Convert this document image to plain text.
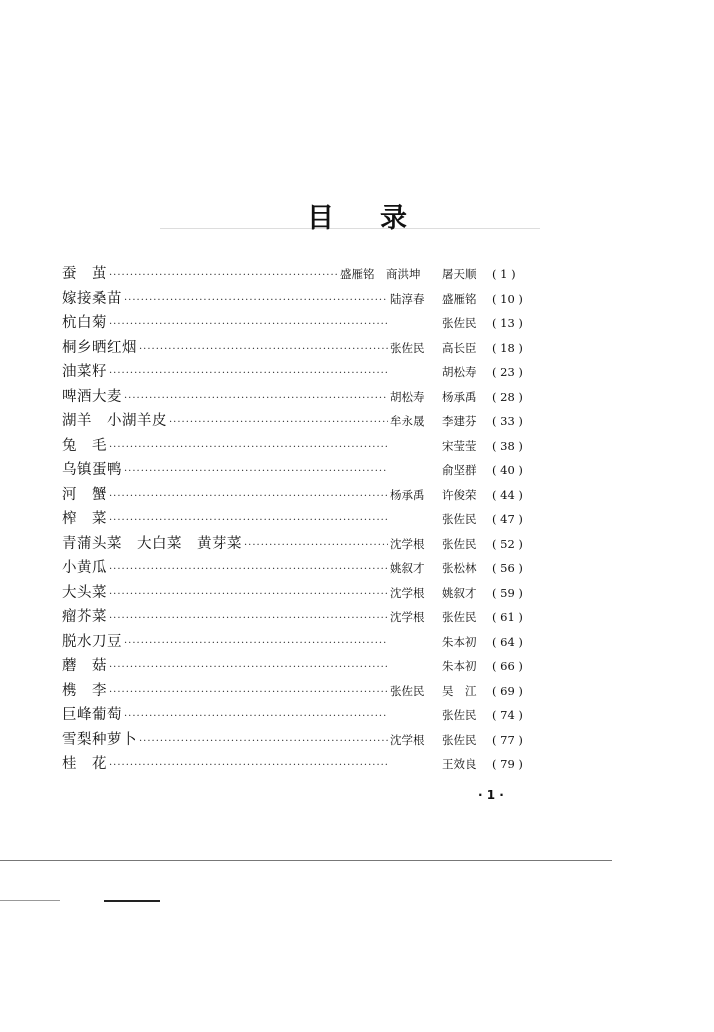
目 录
蚕　茧 ·····	盛雁铭　商洪坤	屠天顺	( 1 )
嫁接桑苗 ·····	陆淳春	盛雁铭	( 10 )
杭白菊 ·····	张佐民	( 13 )
桐乡晒红烟 ·····	张佐民	高长臣	( 18 )
油菜籽 ·····	胡松寿	( 23 )
啤酒大麦 ·····	胡松寿	杨承禹	( 28 )
湖羊　小湖羊皮 ·····	牟永晟	李建芬	( 33 )
兔　毛 ·····	宋莹莹	( 38 )
乌镇蛋鸭 ·····	俞坚群	( 40 )
河　蟹 ·····	杨承禹	许俊荣	( 44 )
榨　菜 ·····	张佐民	( 47 )
青蒲头菜　大白菜　黄芽菜 ·····	沈学根	张佐民	( 52 )
小黄瓜 ·····	姚叙才	张松林	( 56 )
大头菜 ·····	沈学根	姚叙才	( 59 )
瘤芥菜 ·····	沈学根	张佐民	( 61 )
脱水刀豆 ·····	朱本初	( 64 )
蘑　菇 ·····	朱本初	( 66 )
槜　李 ·····	张佐民	吴　江	( 69 )
巨峰葡萄 ·····	张佐民	( 74 )
雪梨种萝卜 ·····	沈学根	张佐民	( 77 )
桂　花 ·····	王效良	( 79 )
· 1 ·
